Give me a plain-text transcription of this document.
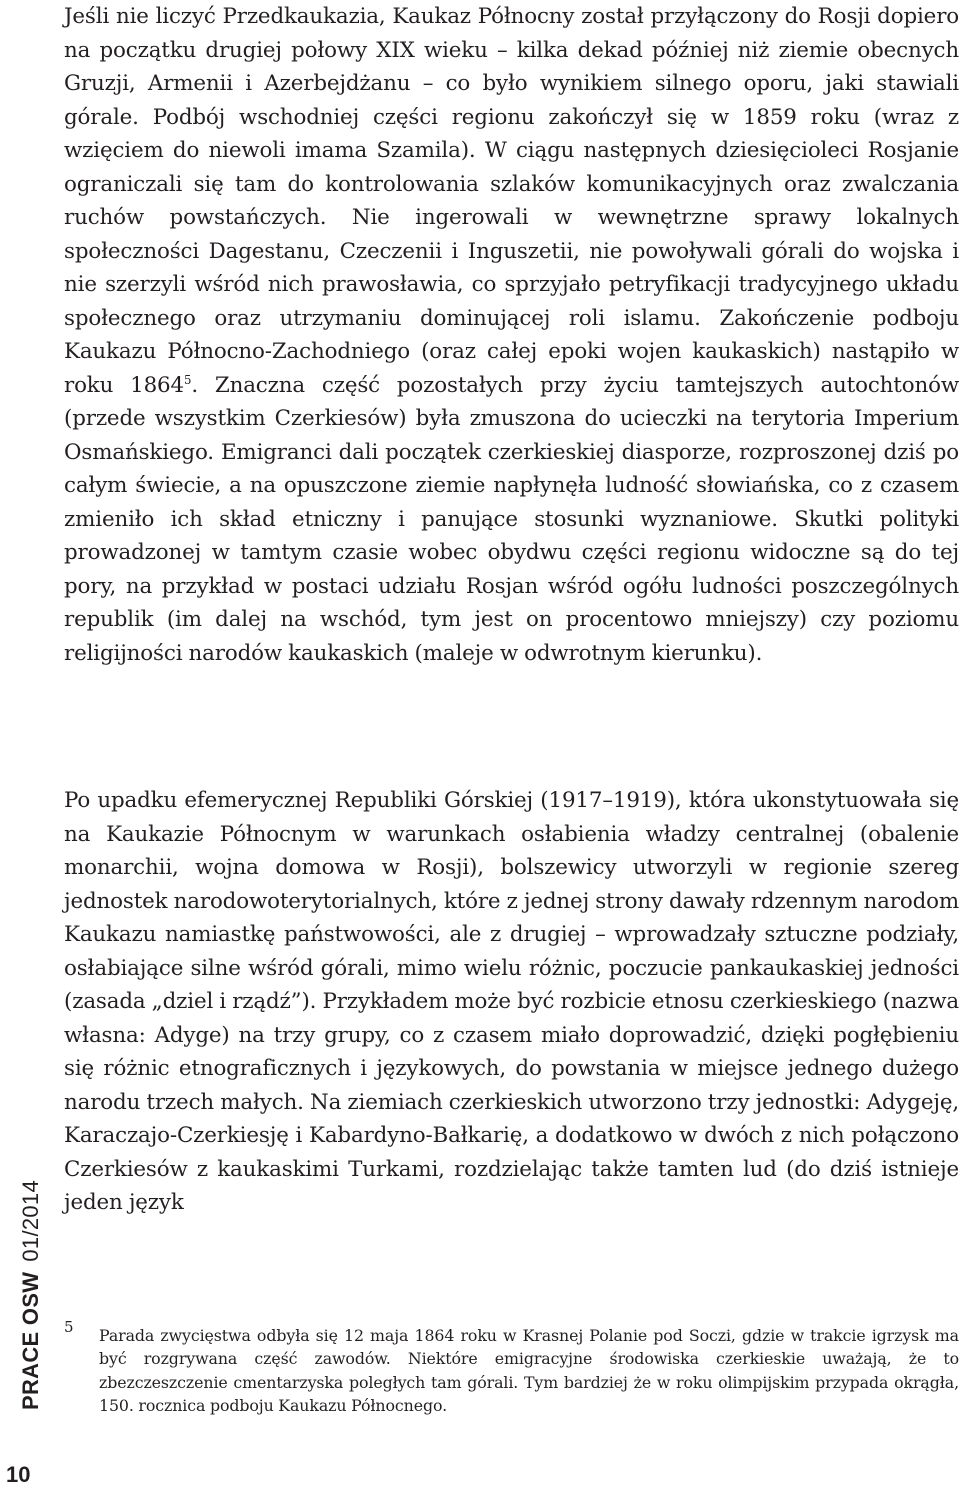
Jeśli nie liczyć Przedkaukazia, Kaukaz Północny został przyłączony do Rosji dopiero na początku drugiej połowy XIX wieku – kilka dekad później niż ziemie obecnych Gruzji, Armenii i Azerbejdżanu – co było wynikiem silnego oporu, jaki stawiali górale. Podbój wschodniej części regionu zakończył się w 1859 roku (wraz z wzięciem do niewoli imama Szamila). W ciągu następnych dziesięcioleci Rosjanie ograniczali się tam do kontrolowania szlaków komunikacyjnych oraz zwalczania ruchów powstańczych. Nie ingerowali w wewnętrzne sprawy lokalnych społeczności Dagestanu, Czeczenii i Inguszetii, nie powoływali górali do wojska i nie szerzyli wśród nich prawosławia, co sprzyjało petryfikacji tradycyjnego układu społecznego oraz utrzymaniu dominującej roli islamu. Zakończenie podboju Kaukazu Północno-Zachodniego (oraz całej epoki wojen kaukaskich) nastąpiło w roku 1864$^5$. Znaczna część pozostałych przy życiu tamtejszych autochtonów (przede wszystkim Czerkiesów) była zmuszona do ucieczki na terytoria Imperium Osmańskiego. Emigranci dali początek czerkieskiej diasporze, rozproszonej dziś po całym świecie, a na opuszczone ziemie napłynęła ludność słowiańska, co z czasem zmieniło ich skład etniczny i panujące stosunki wyznaniowe. Skutki polityki prowadzonej w tamtym czasie wobec obydwu części regionu widoczne są do tej pory, na przykład w postaci udziału Rosjan wśród ogółu ludności poszczególnych republik (im dalej na wschód, tym jest on procentowo mniejszy) czy poziomu religijności narodów kaukaskich (maleje w odwrotnym kierunku).

Po upadku efemerycznej Republiki Górskiej (1917–1919), która ukonstytuowała się na Kaukazie Północnym w warunkach osłabienia władzy centralnej (obalenie monarchii, wojna domowa w Rosji), bolszewicy utworzyli w regionie szereg jednostek narodowoterytorialnych, które z jednej strony dawały rdzennym narodom Kaukazu namiastkę państwowości, ale z drugiej – wprowadzały sztuczne podziały, osłabiające silne wśród górali, mimo wielu różnic, poczucie pankaukaskiej jedności (zasada „dziel i rządź”). Przykładem może być rozbicie etnosu czerkieskiego (nazwa własna: Adyge) na trzy grupy, co z czasem miało doprowadzić, dzięki pogłębieniu się różnic etnograficznych i językowych, do powstania w miejsce jednego dużego narodu trzech małych. Na ziemiach czerkieskich utworzono trzy jednostki: Adygeję, Karaczajo-Czerkiesję i Kabardyno-Bałkarię, a dodatkowo w dwóch z nich połączono Czerkiesów z kaukaskimi Turkami, rozdzielając także tamten lud (do dziś istnieje jeden język

5	Parada zwycięstwa odbyła się 12 maja 1864 roku w Krasnej Polanie pod Soczi, gdzie w trakcie igrzysk ma być rozgrywana część zawodów. Niektóre emigracyjne środowiska czerkieskie uważają, że to zbezczeszczenie cmentarzyska poległych tam górali. Tym bardziej że w roku olimpijskim przypada okrągła, 150. rocznica podboju Kaukazu Północnego.

PRACE OSW01/2014
10
